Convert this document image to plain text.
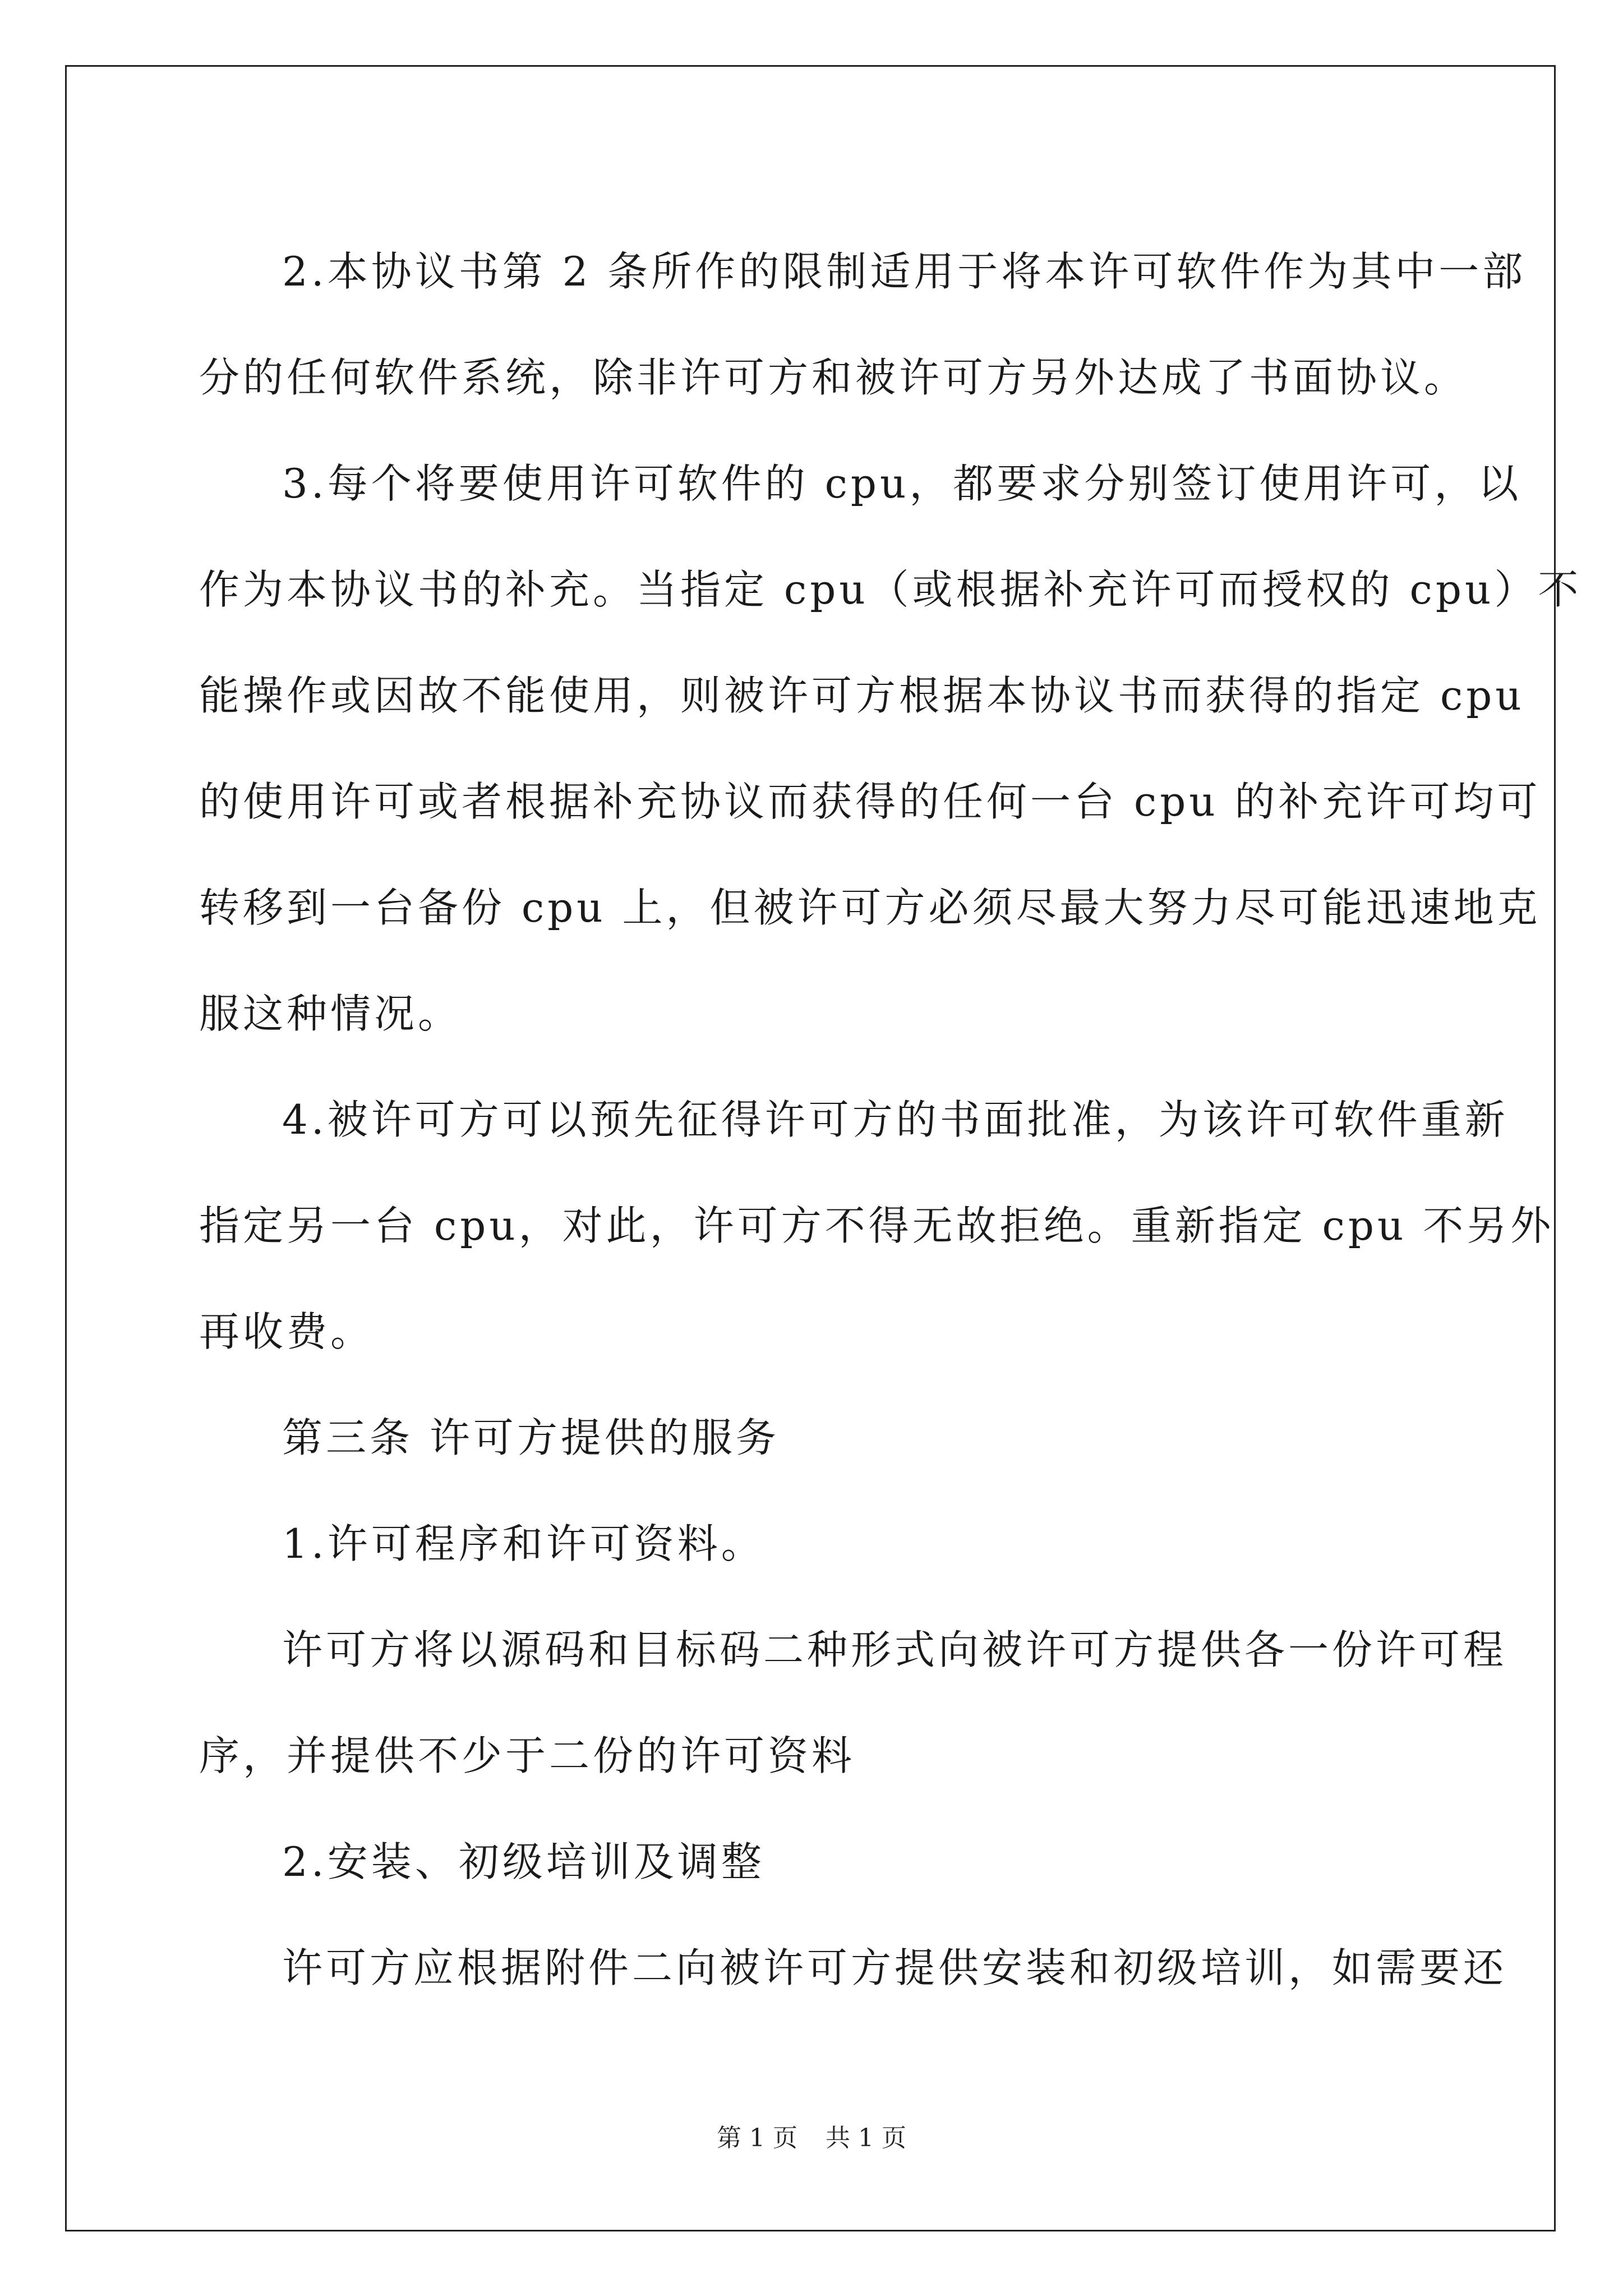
2.本协议书第 2 条所作的限制适用于将本许可软件作为其中一部
分的任何软件系统，除非许可方和被许可方另外达成了书面协议。
3.每个将要使用许可软件的 cpu，都要求分别签订使用许可，以
作为本协议书的补充。当指定 cpu（或根据补充许可而授权的 cpu）不
能操作或因故不能使用，则被许可方根据本协议书而获得的指定 cpu
的使用许可或者根据补充协议而获得的任何一台 cpu 的补充许可均可
转移到一台备份 cpu 上，但被许可方必须尽最大努力尽可能迅速地克
服这种情况。
4.被许可方可以预先征得许可方的书面批准，为该许可软件重新
指定另一台 cpu，对此，许可方不得无故拒绝。重新指定 cpu 不另外
再收费。
第三条 许可方提供的服务
1.许可程序和许可资料。
许可方将以源码和目标码二种形式向被许可方提供各一份许可程
序，并提供不少于二份的许可资料
2.安装、初级培训及调整
许可方应根据附件二向被许可方提供安装和初级培训，如需要还
第 1 页 共 1 页
